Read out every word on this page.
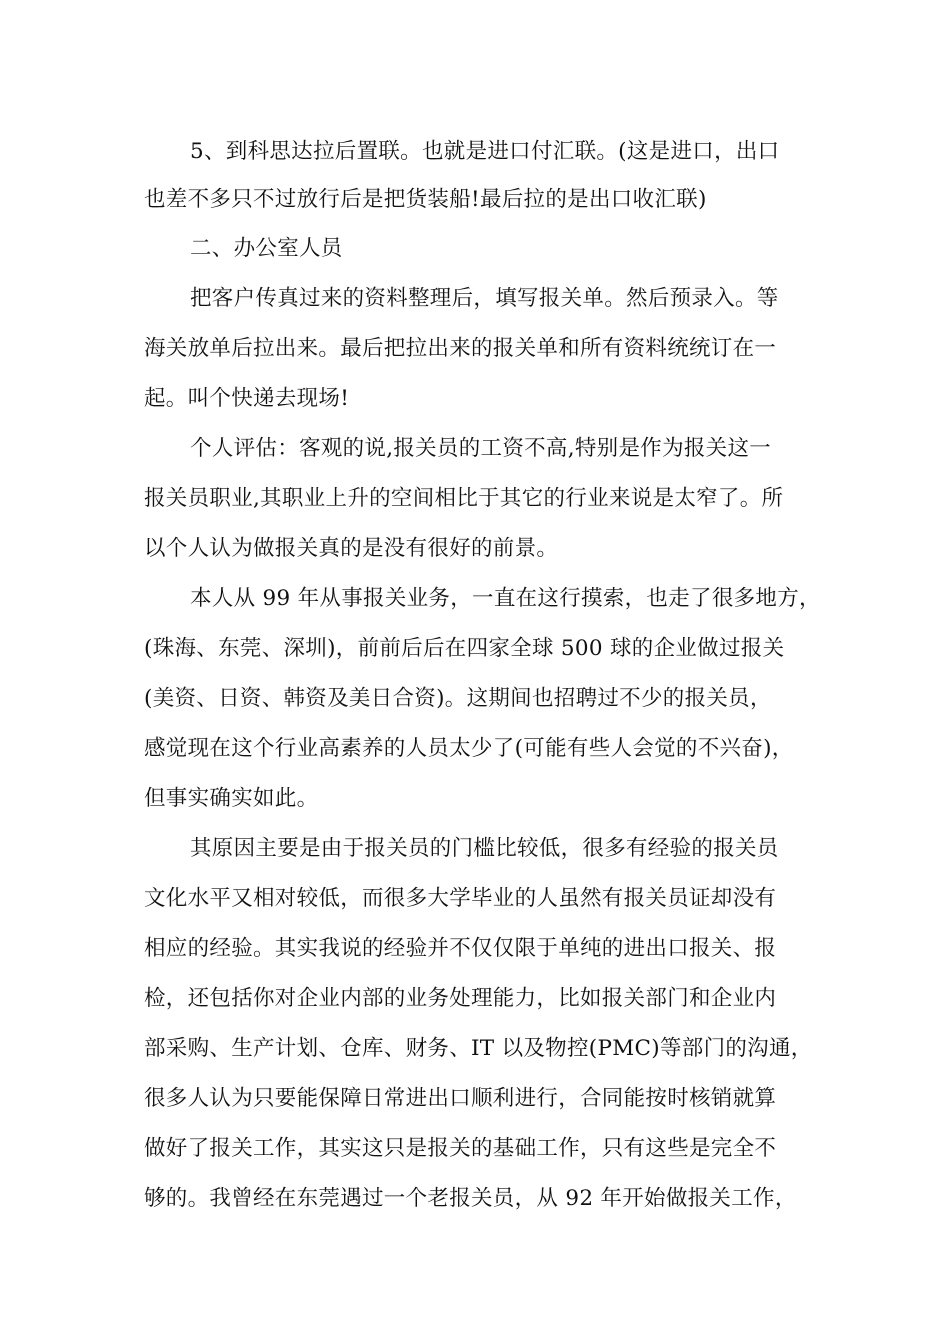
5、到科思达拉后置联。也就是进口付汇联。(这是进口，出口
也差不多只不过放行后是把货装船!最后拉的是出口收汇联)
二、办公室人员
把客户传真过来的资料整理后，填写报关单。然后预录入。等
海关放单后拉出来。最后把拉出来的报关单和所有资料统统订在一
起。叫个快递去现场!
个人评估：客观的说,报关员的工资不高,特别是作为报关这一
报关员职业,其职业上升的空间相比于其它的行业来说是太窄了。所
以个人认为做报关真的是没有很好的前景。
本人从 99 年从事报关业务，一直在这行摸索，也走了很多地方，
(珠海、东莞、深圳)，前前后后在四家全球 500 球的企业做过报关
(美资、日资、韩资及美日合资)。这期间也招聘过不少的报关员，
感觉现在这个行业高素养的人员太少了(可能有些人会觉的不兴奋)，
但事实确实如此。
其原因主要是由于报关员的门槛比较低，很多有经验的报关员
文化水平又相对较低，而很多大学毕业的人虽然有报关员证却没有
相应的经验。其实我说的经验并不仅仅限于单纯的进出口报关、报
检，还包括你对企业内部的业务处理能力，比如报关部门和企业内
部采购、生产计划、仓库、财务、IT 以及物控(PMC)等部门的沟通，
很多人认为只要能保障日常进出口顺利进行，合同能按时核销就算
做好了报关工作，其实这只是报关的基础工作，只有这些是完全不
够的。我曾经在东莞遇过一个老报关员，从 92 年开始做报关工作，
